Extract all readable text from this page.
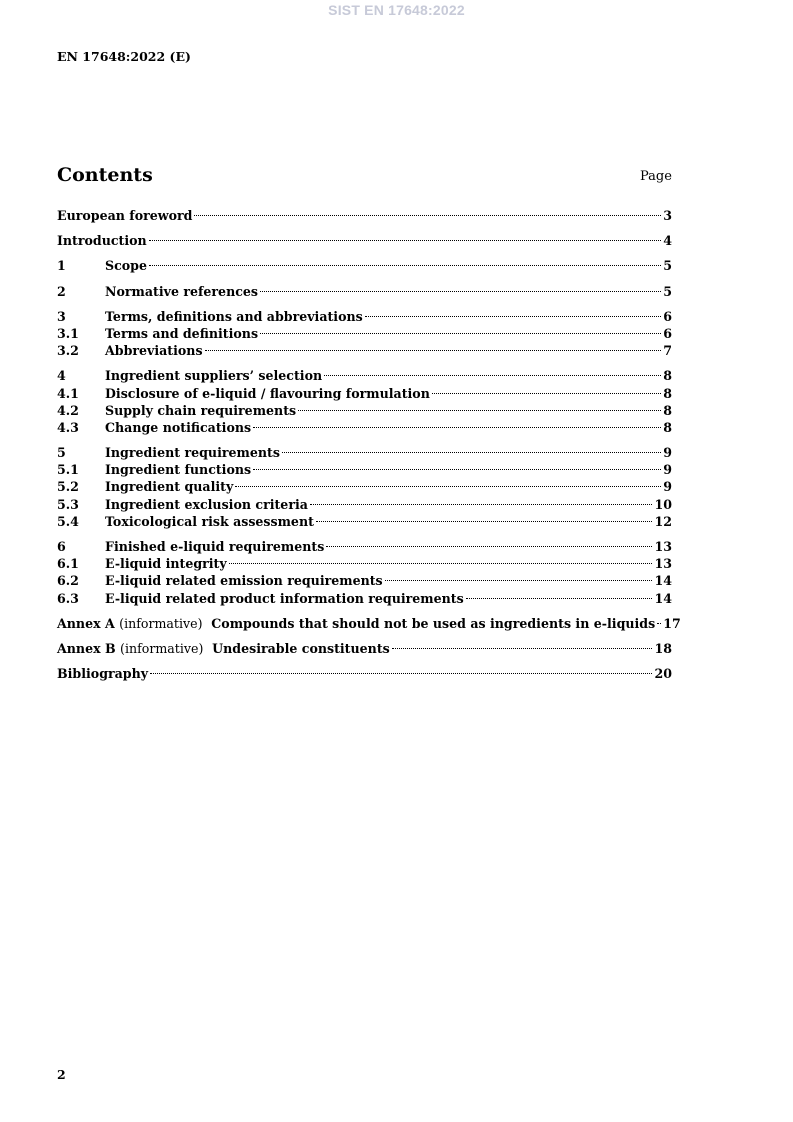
SIST EN 17648:2022
EN 17648:2022 (E)
Contents	Page
European foreword	3
Introduction	4
1	Scope	5
2	Normative references	5
3	Terms, definitions and abbreviations	6
3.1	Terms and definitions	6
3.2	Abbreviations	7
4	Ingredient suppliers’ selection	8
4.1	Disclosure of e-liquid / flavouring formulation	8
4.2	Supply chain requirements	8
4.3	Change notifications	8
5	Ingredient requirements	9
5.1	Ingredient functions	9
5.2	Ingredient quality	9
5.3	Ingredient exclusion criteria	10
5.4	Toxicological risk assessment	12
6	Finished e-liquid requirements	13
6.1	E-liquid integrity	13
6.2	E-liquid related emission requirements	14
6.3	E-liquid related product information requirements	14
Annex A (informative) Compounds that should not be used as ingredients in e-liquids 17
Annex B (informative) Undesirable constituents	18
Bibliography	20
2
